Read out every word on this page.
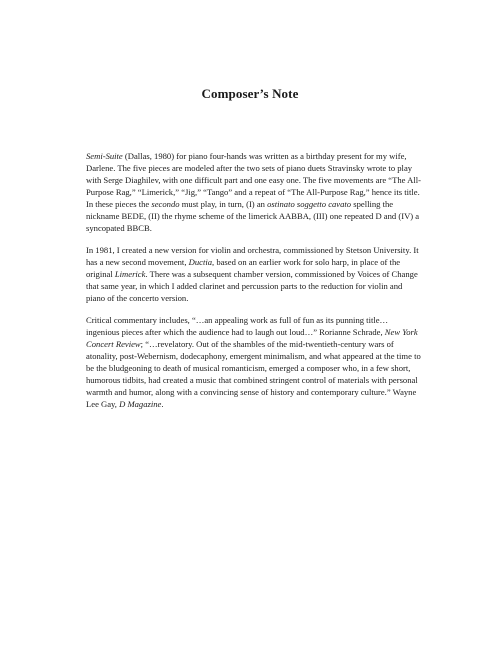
Composer’s Note

Semi-Suite (Dallas, 1980) for piano four-hands was written as a birthday present for my wife, Darlene. The five pieces are modeled after the two sets of piano duets Stravinsky wrote to play with Serge Diaghilev, with one difficult part and one easy one. The five movements are “The All-Purpose Rag,” “Limerick,” “Jig,” “Tango” and a repeat of “The All-Purpose Rag,” hence its title. In these pieces the secondo must play, in turn, (I) an ostinato soggetto cavato spelling the nickname BEDE, (II) the rhyme scheme of the limerick AABBA, (III) one repeated D and (IV) a syncopated BBCB.

In 1981, I created a new version for violin and orchestra, commissioned by Stetson University. It has a new second movement, Ductia, based on an earlier work for solo harp, in place of the original Limerick. There was a subsequent chamber version, commissioned by Voices of Change that same year, in which I added clarinet and percussion parts to the reduction for violin and piano of the concerto version.

Critical commentary includes, “…an appealing work as full of fun as its punning title… ingenious pieces after which the audience had to laugh out loud…” Rorianne Schrade, New York Concert Review; “…revelatory. Out of the shambles of the mid-twentieth-century wars of atonality, post-Webernism, dodecaphony, emergent minimalism, and what appeared at the time to be the bludgeoning to death of musical romanticism, emerged a composer who, in a few short, humorous tidbits, had created a music that combined stringent control of materials with personal warmth and humor, along with a convincing sense of history and contemporary culture.” Wayne Lee Gay, D Magazine.
